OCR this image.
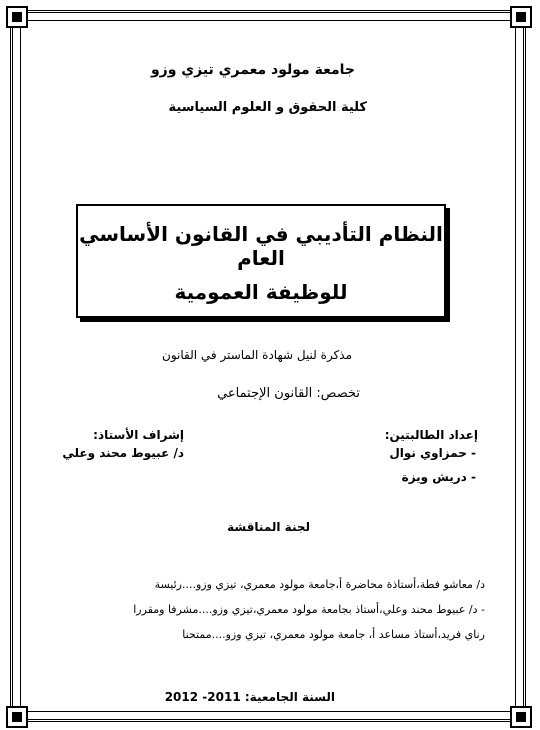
جامعة مولود معمري تيزي وزو
كلية الحقوق و العلوم السياسية
النظام التأديبي في القانون الأساسي العام
للوظيفة العمومية
مذكرة لنيل شهادة الماستر في القانون
تخصص: القانون الإجتماعي
إعداد الطالبتين:
- حمزاوي نوال
- دريش ويزة
إشراف الأستاذ:
د/ عبيوط محند وعلي
لجنة المناقشة
د/ معاشو فطة،أستاذة محاضرة أ،جامعة مولود معمري، تيزي وزو....رئيسة
- د/ عبيوط محند وعلي،أستاذ بجامعة مولود معمري،تيزي وزو....مشرفا ومقررا
رناي فريد،أستاذ مساعد أ، جامعة مولود معمري، تيزي وزو....ممتحنا
السنة الجامعية: 2011- 2012
